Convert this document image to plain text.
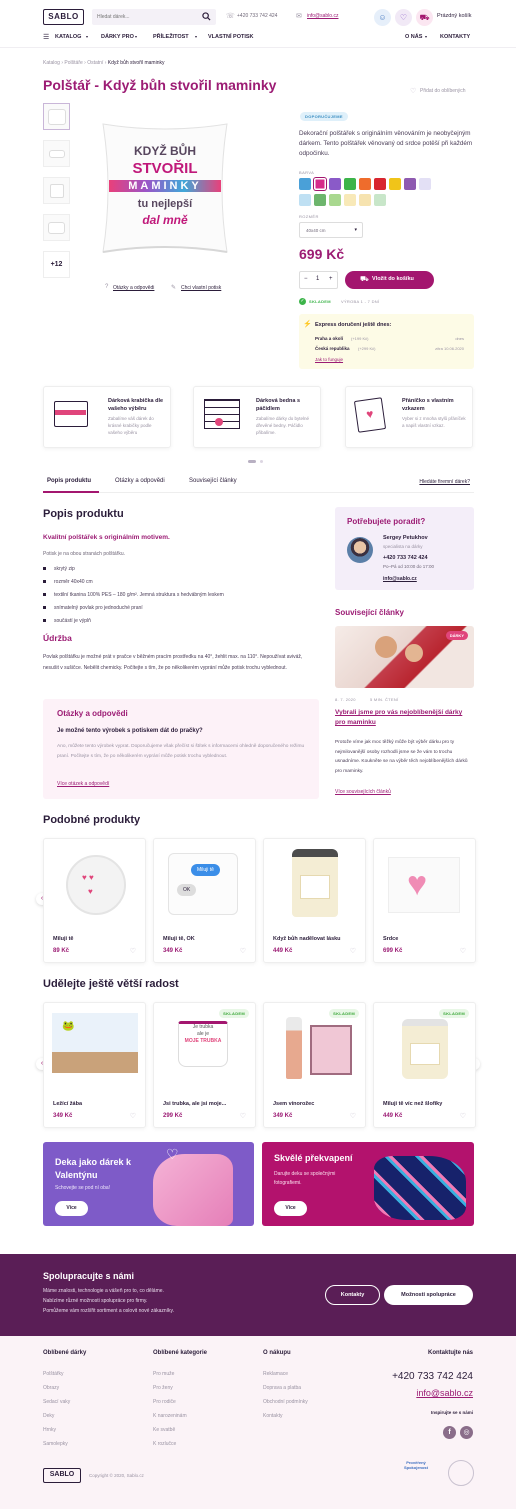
SABLO
Hledat dárek...	☏ +420 733 742 424	✉ info@sablo.cz	☺	♡	⛟	Prázdný košík
☰ KATALOG ▾ DÁRKY PRO ▾	PŘÍLEŽITOST ▾ VLASTNÍ POTISK	O NÁS ▾ KONTAKTY
Katalog › Polštáře › Ostatní › Když bůh stvořil maminky
Polštář - Když bůh stvořil maminky	♡ Přidat do oblíbených
+12
KDYŽ BŮH
STVOŘIL
MAMINKY
tu nejlepší
dal mně
? Otázky a odpovědi	✎ Chci vlastní potisk
DOPORUČUJEME

Dekorační polštářek s originálním věnováním je neobyčejným dárkem. Tento polštářek věnovaný od srdce potěší při každém odpočinku.

BARVA
ROZMĚR
40x40 cm	▾
699 Kč
− 1 +	⛟ Vložit do košíku
✓	SKLADEM	VÝROBA 1 - 7 DNÍ
⚡ Express doručení ještě dnes:
Praha a okolí (+199 Kč)	dnes
Česká republika (+299 Kč)	zítra 10.06.2020
Jak to funguje
Dárková krabička dle vašeho výběru
Zabalíme váš dárek do krásné krabičky podle vašeho výběru
Dárková bedna s páčidlem
Zabalíme dárky do bytelné dřevěné bedny. Páčidlo přibalíme.
♥
Přáníčko s vlastním vzkazem
Vyber si z mnoha stylů přáníček a napiš vlastní vzkaz.
Popis produktu	Otázky a odpovědi	Související články	Hledáte firemní dárek?
Popis produktu
Kvalitní polštářek s originálním motivem.
Potisk je na obou stranách polštářku.
skrytý zip
rozměr 40x40 cm
textilní tkanina 100% PES – 180 g/m². Jemná struktura s hedvábným leskem
snímatelný povlak pro jednoduché praní
součástí je výplň
Údržba

Povlak polštářku je možné prát v pračce v běžném pracím prostředku na 40°, žehlit max. na 110°. Nepoužívat aviváž, nesušit v sušičce. Nebělit chemicky. Počítejte s tím, že po několikerém vyprání může potisk trochu vyblednout.

Otázky a odpovědi
Je možné tento výrobek s potiskem dát do pračky?

Ano, můžete tento výrobek vyprat. Doporučujeme však přečíst si štítek s informacemi ohledně doporučeného režimu praní. Počítejte s tím, že po několikerém vyprání může potisk trochu vyblednout.

Více otázek a odpovědí
Potřebujete poradit?
Sergey Petukhov
specialista na dárky
+420 733 742 424
Po–Pá od 10:00 do 17:00
info@sablo.cz
Související články
DÁRKY
8. 7. 2020	5 MIN. ČTENÍ
Vybrali jsme pro vás nejoblíbenější dárky pro maminku

Protože víme jak moc těžký může být výběr dárku pro ty nejmilovanější osoby rozhodli jsme se že vám to trochu usnadníme. Koukněte se na výběr těch nejoblíbenějších dárků pro maminky.

Více souvisejících článků
Podobné produkty
‹
♥ ♥
♥
Miluji tě
89 Kč	♡
Miluji tě
OK
Miluji tě, OK
349 Kč	♡
Když bůh nadělovat lásku
449 Kč	♡
♥
Srdce
699 Kč	♡
Udělejte ještě větší radost
‹
🐸
Ležící žába
349 Kč	♡
SKLADEM
Je trubka
ale je
MOJE TRUBKA
Jsi trubka, ale jsi moje...
299 Kč	♡
SKLADEM
Jsem vínorožec
349 Kč	♡
SKLADEM
Miluji tě víc než šlofíky
449 Kč	♡
♡
Deka jako dárek k Valentýnu
Schovejte se pod ní oba!
Více
Skvělé překvapení
Darujte deku se společnými fotografiemi.
Více
Spolupracujte s námi
Máme znalosti, technologie a vášeň pro to, co děláme.
Nabízíme různé možnosti spolupráce pro firmy.
Pomůžeme vám rozšířit sortiment a oslovit nové zákazníky.
Kontakty	Možnosti spolupráce
Oblíbené dárky
Polštářky
Obrazy
Sedací vaky
Deky
Hrnky
Samolepky
Oblíbené kategorie
Pro muže
Pro ženy
Pro rodiče
K narozeninám
Ke svatbě
K rozlučce
O nákupu
Reklamace
Doprava a platba
Obchodní podmínky
Kontakty
Kontaktujte nás
+420 733 742 424
info@sablo.cz
Inspirujte se s námi
f	◎
SABLO	Copyright © 2020, Sablo.cz
Prověřený Spokojenost
